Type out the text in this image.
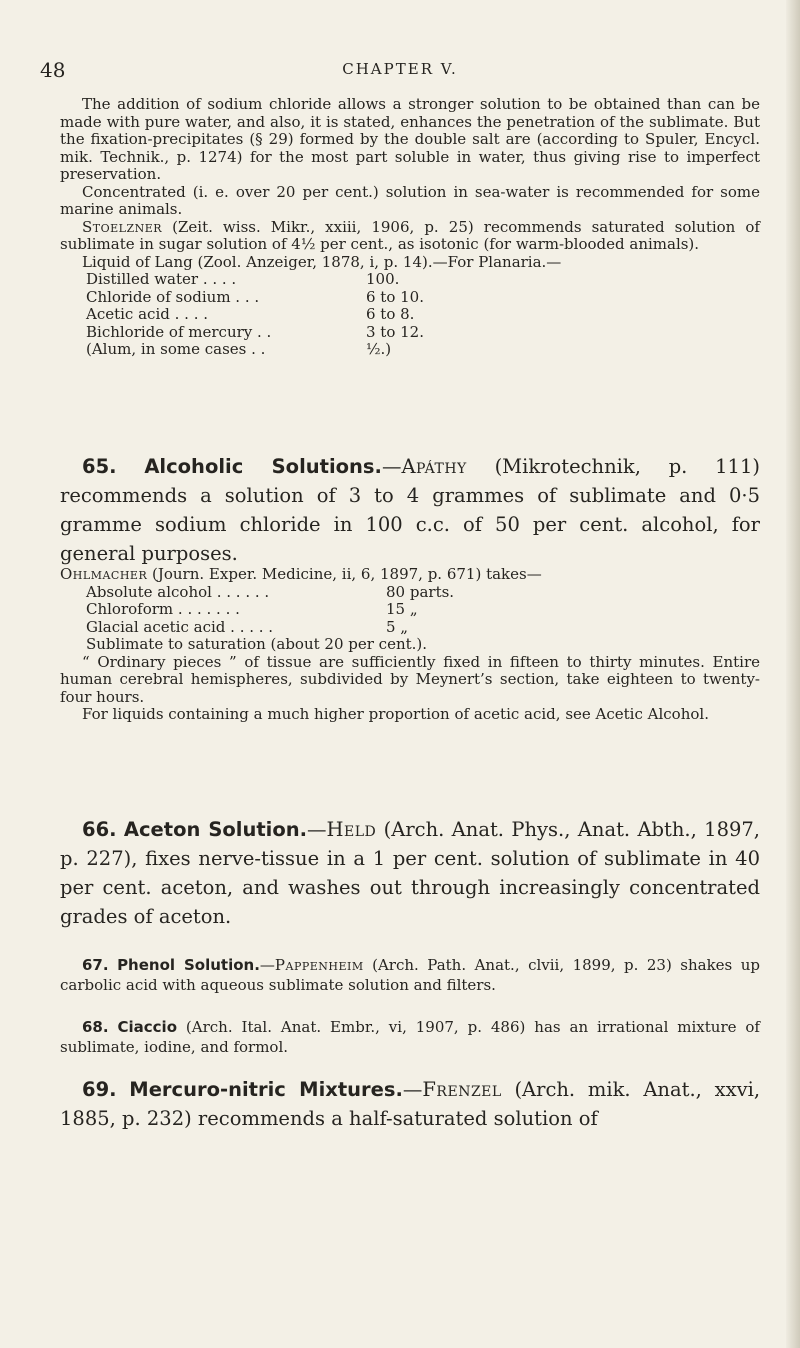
48	CHAPTER V.

The addition of sodium chloride allows a stronger solution to be obtained than can be made with pure water, and also, it is stated, enhances the penetration of the sublimate. But the fixation-precipitates (§ 29) formed by the double salt are (according to Spuler, Encycl. mik. Technik., p. 1274) for the most part soluble in water, thus giving rise to imperfect preservation.

Concentrated (i. e. over 20 per cent.) solution in sea-water is recommended for some marine animals.

Stoelzner (Zeit. wiss. Mikr., xxiii, 1906, p. 25) recommends saturated solution of sublimate in sugar solution of 4½ per cent., as isotonic (for warm-blooded animals).

Liquid of Lang (Zool. Anzeiger, 1878, i, p. 14).—For Planaria.—

Distilled water . . . .	100.
Chloride of sodium . . .	6 to 10.
Acetic acid . . . .	6 to 8.
Bichloride of mercury . .	3 to 12.
(Alum, in some cases . .	½.)

65. Alcoholic Solutions.—Apáthy (Mikrotechnik, p. 111) recommends a solution of 3 to 4 grammes of sublimate and 0·5 gramme sodium chloride in 100 c.c. of 50 per cent. alcohol, for general purposes.

Ohlmacher (Journ. Exper. Medicine, ii, 6, 1897, p. 671) takes—

Absolute alcohol . . . . . .	80 parts.
Chloroform . . . . . . .	15 „
Glacial acetic acid . . . . .	5 „
Sublimate to saturation (about 20 per cent.).

“ Ordinary pieces ” of tissue are sufficiently fixed in fifteen to thirty minutes. Entire human cerebral hemispheres, subdivided by Meynert’s section, take eighteen to twenty-four hours.

For liquids containing a much higher proportion of acetic acid, see Acetic Alcohol.

66. Aceton Solution.—Held (Arch. Anat. Phys., Anat. Abth., 1897, p. 227), fixes nerve-tissue in a 1 per cent. solution of sublimate in 40 per cent. aceton, and washes out through increasingly concentrated grades of aceton.

67. Phenol Solution.—Pappenheim (Arch. Path. Anat., clvii, 1899, p. 23) shakes up carbolic acid with aqueous sublimate solution and filters.

68. Ciaccio (Arch. Ital. Anat. Embr., vi, 1907, p. 486) has an irrational mixture of sublimate, iodine, and formol.

69. Mercuro-nitric Mixtures.—Frenzel (Arch. mik. Anat., xxvi, 1885, p. 232) recommends a half-saturated solution of
